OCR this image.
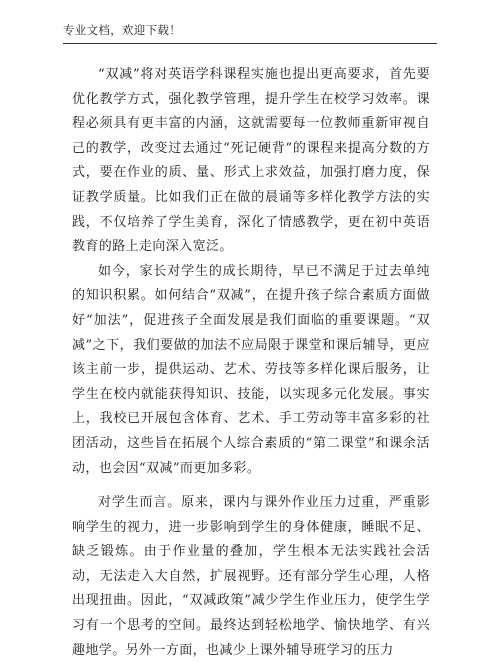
专业文档，欢迎下载！

“双减”将对英语学科课程实施也提出更高要求，首先要优化教学方式，强化教学管理，提升学生在校学习效率。课程必须具有更丰富的内涵，这就需要每一位教师重新审视自己的教学，改变过去通过“死记硬背”的课程来提高分数的方式，要在作业的质、量、形式上求效益，加强打磨力度，保证教学质量。比如我们正在做的晨诵等多样化教学方法的实践，不仅培养了学生美育，深化了情感教学，更在初中英语教育的路上走向深入宽泛。

如今，家长对学生的成长期待，早已不满足于过去单纯的知识积累。如何结合“双减”，在提升孩子综合素质方面做好“加法”，促进孩子全面发展是我们面临的重要课题。“双减”之下，我们要做的加法不应局限于课堂和课后辅导，更应该主前一步，提供运动、艺术、劳技等多样化课后服务，让学生在校内就能获得知识、技能，以实现多元化发展。事实上，我校已开展包含体育、艺术、手工劳动等丰富多彩的社团活动，这些旨在拓展个人综合素质的“第二课堂”和课余活动，也会因“双减”而更加多彩。

对学生而言。原来，课内与课外作业压力过重，严重影响学生的视力，进一步影响到学生的身体健康，睡眠不足、缺乏锻炼。由于作业量的叠加，学生根本无法实践社会活动，无法走入大自然，扩展视野。还有部分学生心理，人格出现扭曲。因此，“双减政策”减少学生作业压力，使学生学习有一个思考的空间。最终达到轻松地学、愉快地学、有兴趣地学。另外一方面，也减少上课外辅导班学习的压力
